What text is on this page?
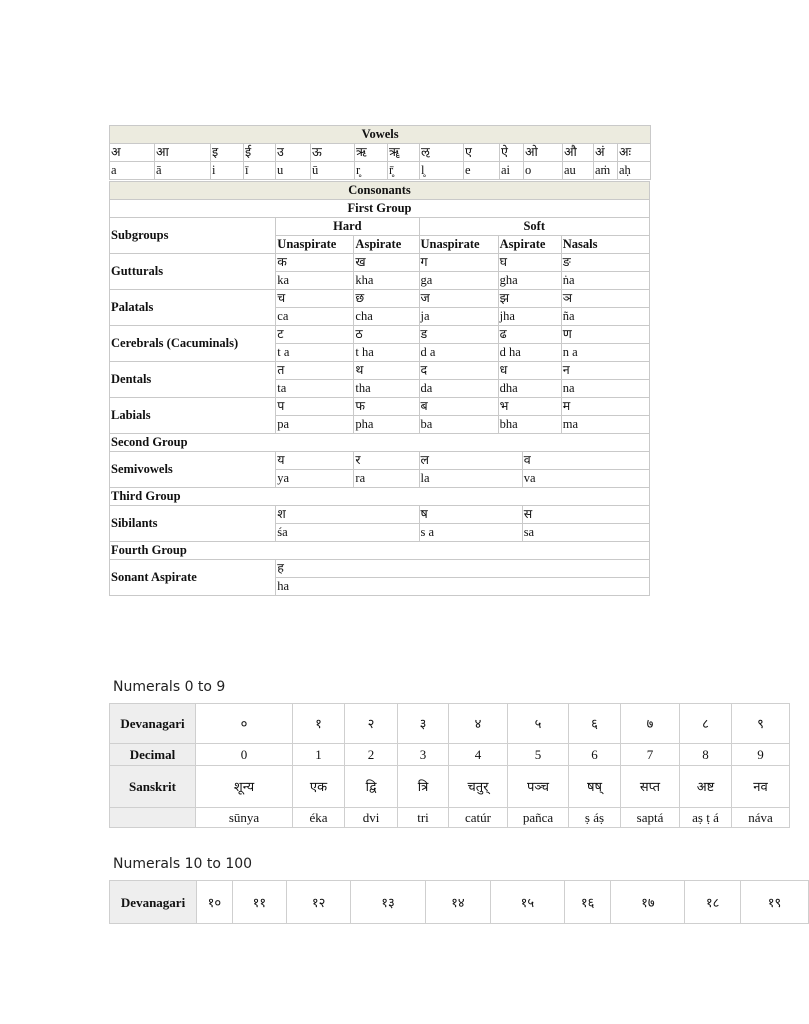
Vowels														
अ	आ	इ	ई	उ	ऊ	ऋ	ॠ	ऌ	ए	ऐ	ओ	औ	अं	अः
a	ā	i	ī	u	ū	r̥	r̥̄	l̥	e	ai	o	au	aṁ	aḥ
Consonants						
First Group						
Subgroups	Hard		Soft			
	Unaspirate	Aspirate	Unaspirate	Aspirate		Nasals
Gutturals	क	ख	ग	घ		ङ
	ka	kha	ga	gha		ṅa
Palatals	च	छ	ज	झ		ञ
	ca	cha	ja	jha		ña
Cerebrals (Cacuminals)	ट	ठ	ड	ढ		ण
	t a	t ha	d a	d ha		n a
Dentals	त	थ	द	ध		न
	ta	tha	da	dha		na
Labials	प	फ	ब	भ		म
	pa	pha	ba	bha		ma
Second Group						
Semivowels	य	र	ल		व	
	ya	ra	la		va	
Third Group						
Sibilants	श		ष		स	
	śa		s a		sa	
Fourth Group						
Sonant Aspirate	ह					
	ha					
Numerals 0 to 9
Devanagari	०	१	२	३	४	५	६	७	८	९
Decimal	0	1	2	3	4	5	6	7	8	9
Sanskrit	शून्य	एक	द्वि	त्रि	चतुर्	पञ्च	षष्	सप्त	अष्ट	नव
	sūnya	éka	dvi	tri	catúr	pañca	ṣ áṣ	saptá	aṣ ṭ á	náva
Numerals 10 to 100
Devanagari	१०	११	१२	१३	१४	१५	१६	१७	१८	१९
